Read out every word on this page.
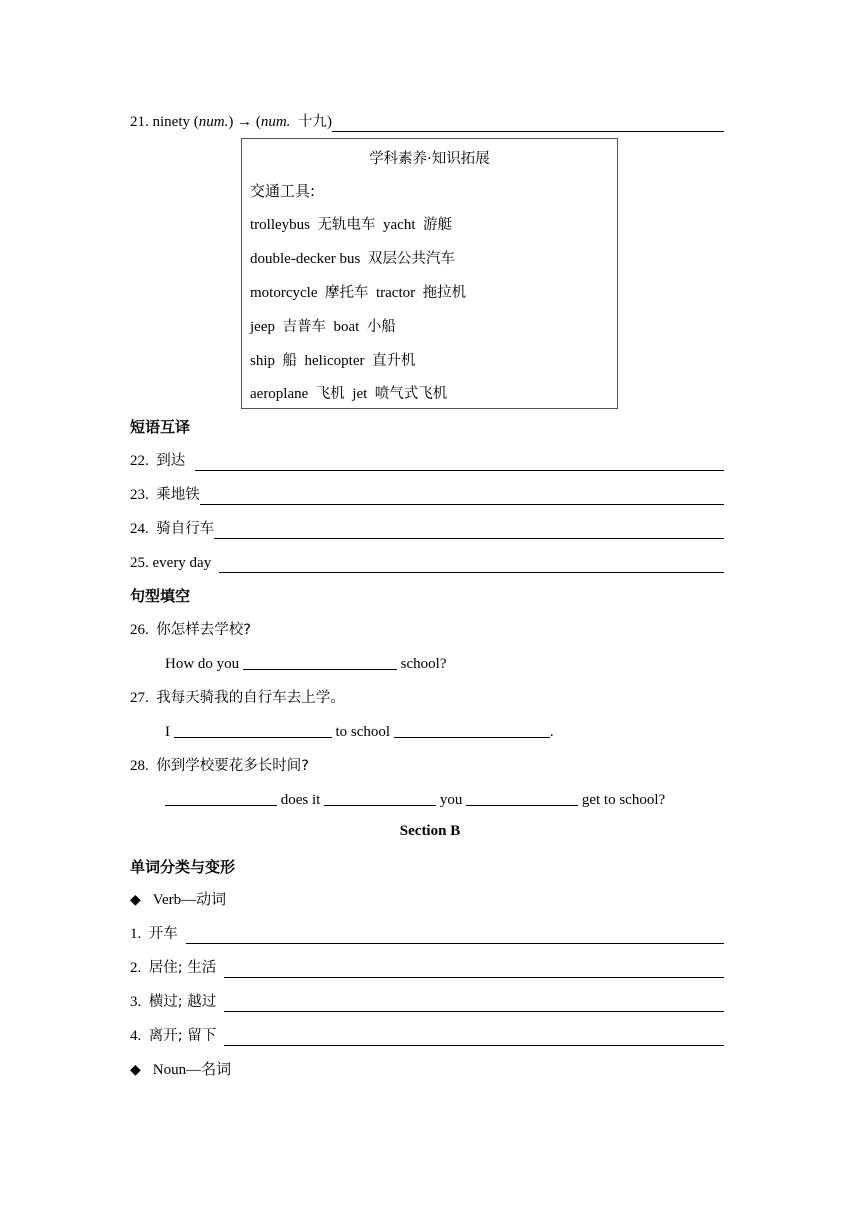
21.
ninety ( num. ) → ( num.
十九 )
学科素养·知识拓展
交通工具:
trolleybus 无轨电车 yacht 游艇
double-decker bus 双层公共汽车
motorcycle 摩托车 tractor 拖拉机
jeep 吉普车 boat 小船
ship 船 helicopter 直升机
aeroplane 飞机 jet 喷气式飞机
短语互译
22.
到达
23.
乘地铁
24.
骑自行车
25.
every day
句型填空
26. 你怎样去学校?
How do you	school?
27. 我每天骑我的自行车去上学。
I	to school	.
28. 你到学校要花多长时间?
does it	you	get to school?
Section B
单词分类与变形
◆ Verb—动词
1.
开车
2.
居住; 生活
3.
横过; 越过
4.
离开; 留下
◆ Noun—名词
